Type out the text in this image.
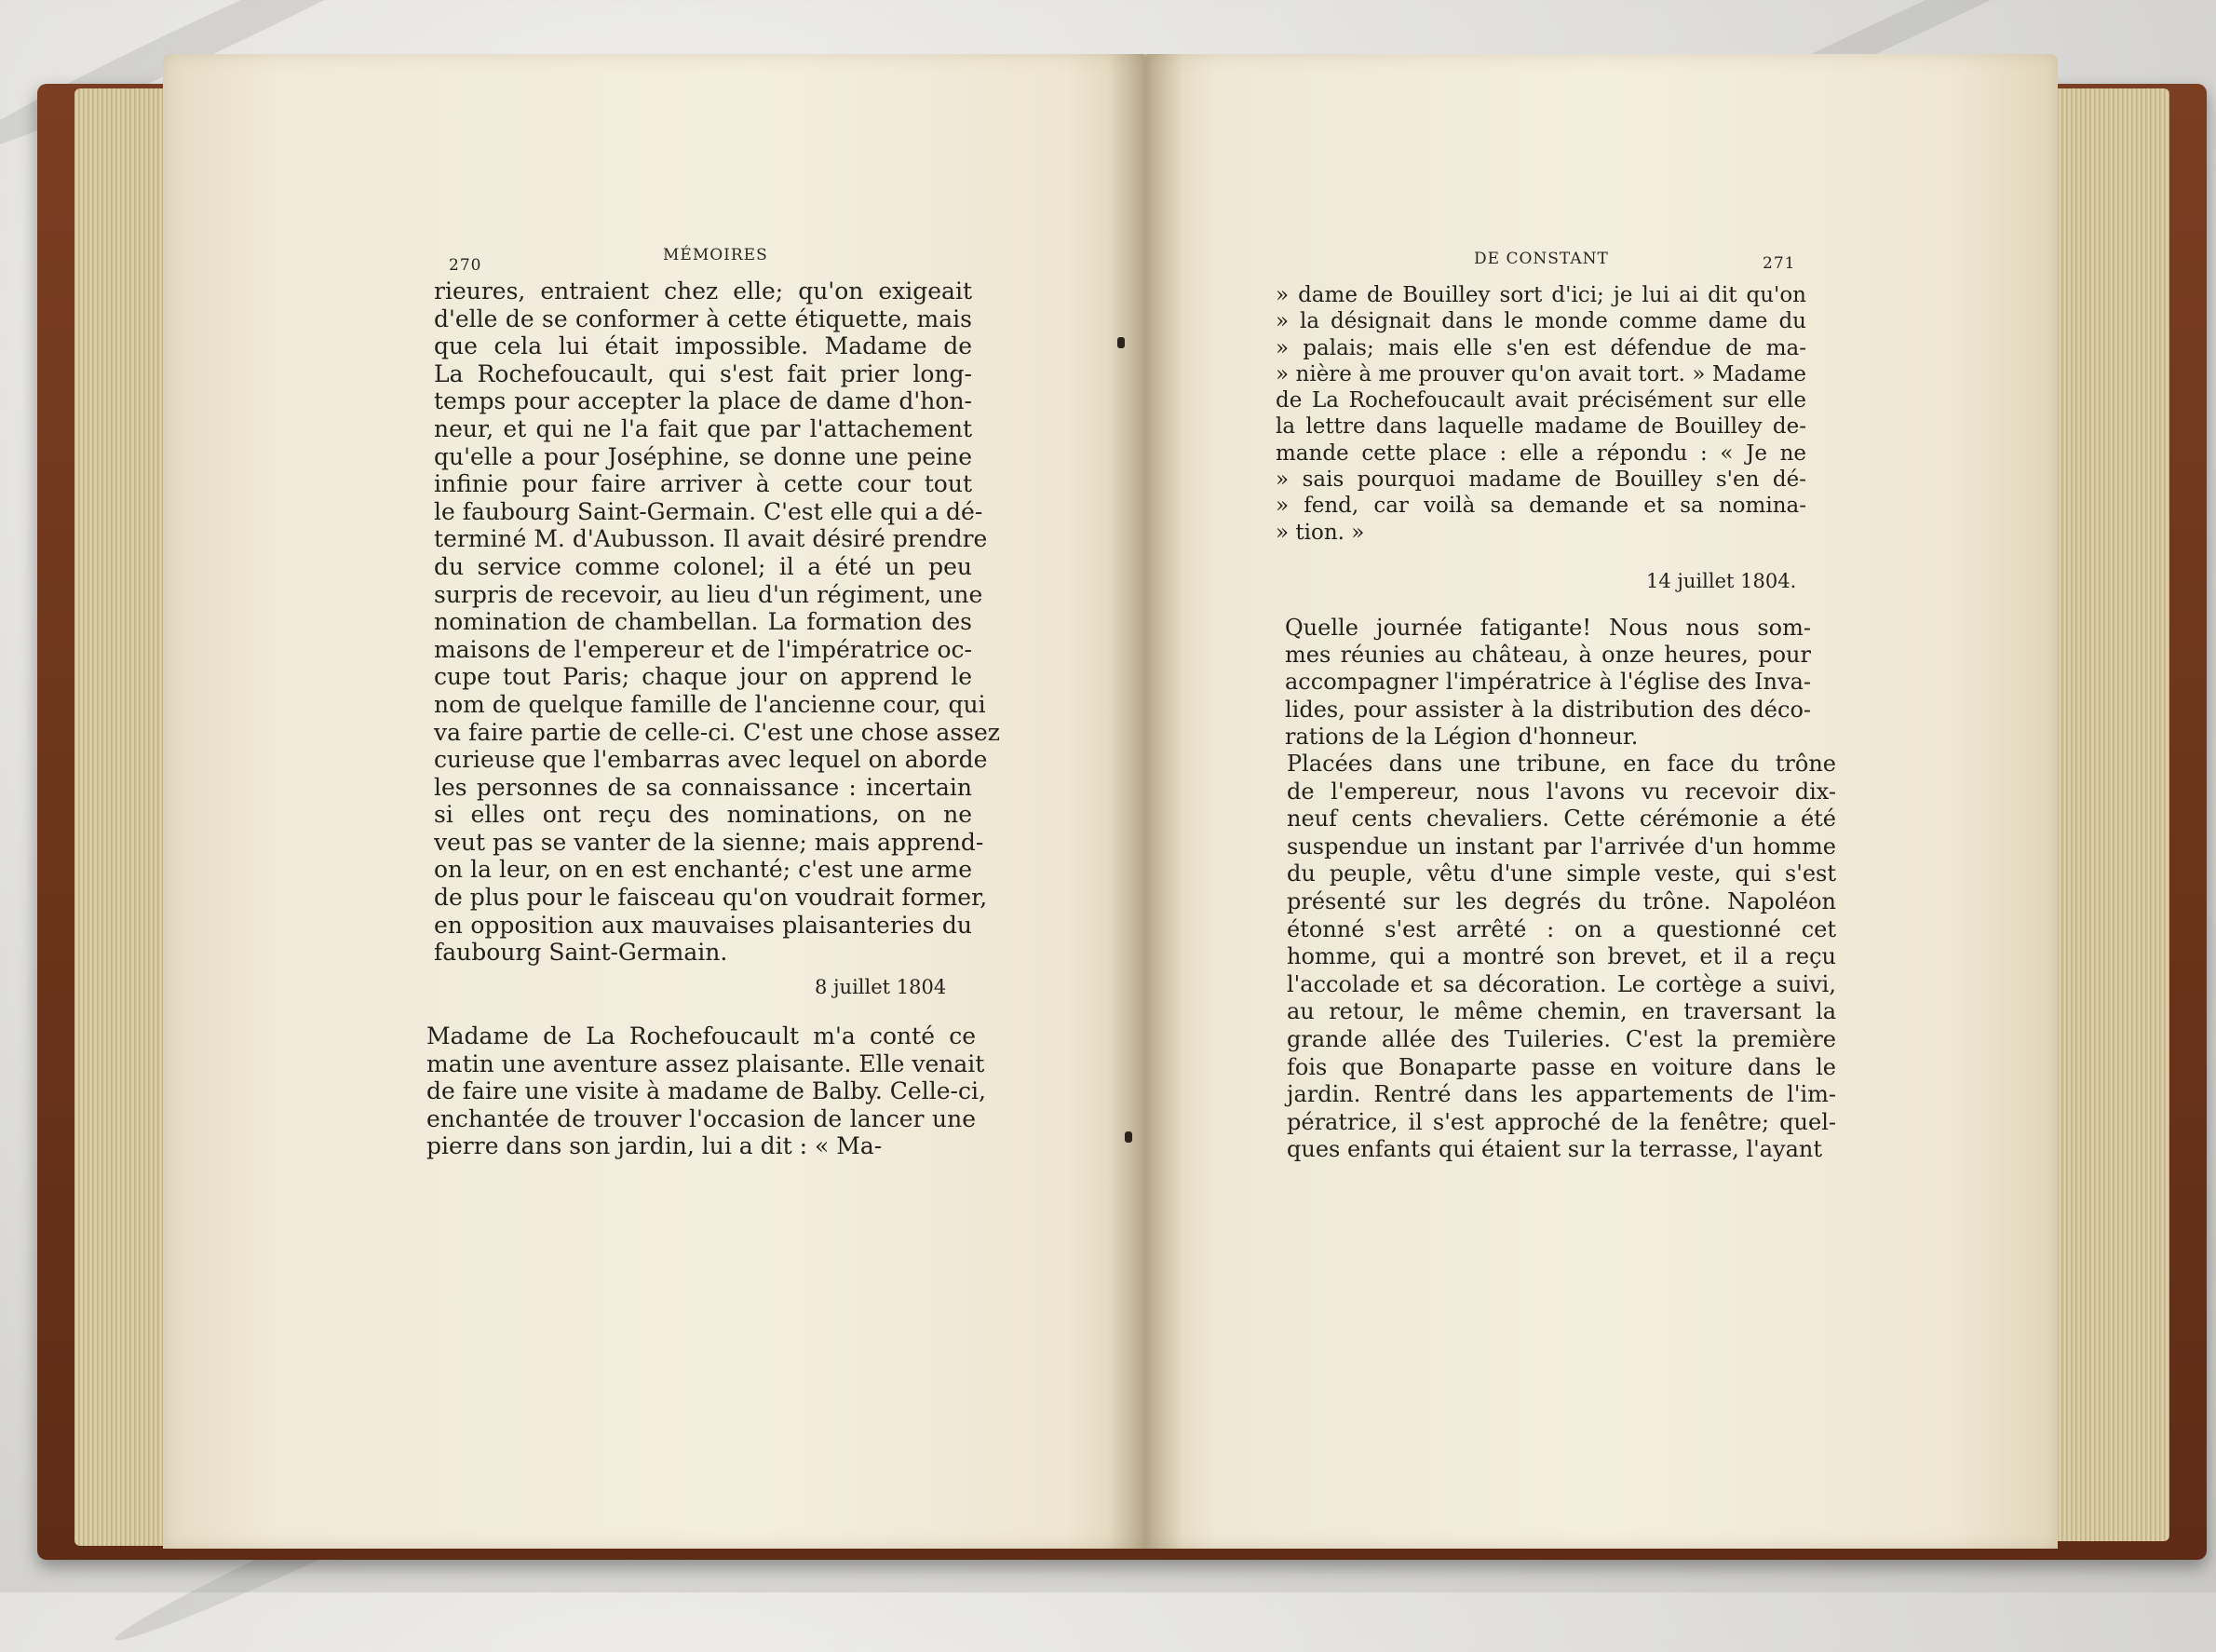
270
MÉMOIRES
rieures, entraient chez elle; qu'on exigeait
d'elle de se conformer à cette étiquette, mais
que cela lui était impossible. Madame de
La Rochefoucault, qui s'est fait prier long-
temps pour accepter la place de dame d'hon-
neur, et qui ne l'a fait que par l'attachement
qu'elle a pour Joséphine, se donne une peine
infinie pour faire arriver à cette cour tout
le faubourg Saint-Germain. C'est elle qui a dé-
terminé M. d'Aubusson. Il avait désiré prendre
du service comme colonel; il a été un peu
surpris de recevoir, au lieu d'un régiment, une
nomination de chambellan. La formation des
maisons de l'empereur et de l'impératrice oc-
cupe tout Paris; chaque jour on apprend le
nom de quelque famille de l'ancienne cour, qui
va faire partie de celle-ci. C'est une chose assez
curieuse que l'embarras avec lequel on aborde
les personnes de sa connaissance : incertain
si elles ont reçu des nominations, on ne
veut pas se vanter de la sienne; mais apprend-
on la leur, on en est enchanté; c'est une arme
de plus pour le faisceau qu'on voudrait former,
en opposition aux mauvaises plaisanteries du
faubourg Saint-Germain.
8 juillet 1804
Madame de La Rochefoucault m'a conté ce
matin une aventure assez plaisante. Elle venait
de faire une visite à madame de Balby. Celle-ci,
enchantée de trouver l'occasion de lancer une
pierre dans son jardin, lui a dit : « Ma-
DE CONSTANT	271
» dame de Bouilley sort d'ici; je lui ai dit qu'on
» la désignait dans le monde comme dame du
» palais; mais elle s'en est défendue de ma-
» nière à me prouver qu'on avait tort. » Madame
de La Rochefoucault avait précisément sur elle
la lettre dans laquelle madame de Bouilley de-
mande cette place : elle a répondu : « Je ne
» sais pourquoi madame de Bouilley s'en dé-
» fend, car voilà sa demande et sa nomina-
» tion. »
14 juillet 1804.
Quelle journée fatigante! Nous nous som-
mes réunies au château, à onze heures, pour
accompagner l'impératrice à l'église des Inva-
lides, pour assister à la distribution des déco-
rations de la Légion d'honneur.
Placées dans une tribune, en face du trône
de l'empereur, nous l'avons vu recevoir dix-
neuf cents chevaliers. Cette cérémonie a été
suspendue un instant par l'arrivée d'un homme
du peuple, vêtu d'une simple veste, qui s'est
présenté sur les degrés du trône. Napoléon
étonné s'est arrêté : on a questionné cet
homme, qui a montré son brevet, et il a reçu
l'accolade et sa décoration. Le cortège a suivi,
au retour, le même chemin, en traversant la
grande allée des Tuileries. C'est la première
fois que Bonaparte passe en voiture dans le
jardin. Rentré dans les appartements de l'im-
pératrice, il s'est approché de la fenêtre; quel-
ques enfants qui étaient sur la terrasse, l'ayant
